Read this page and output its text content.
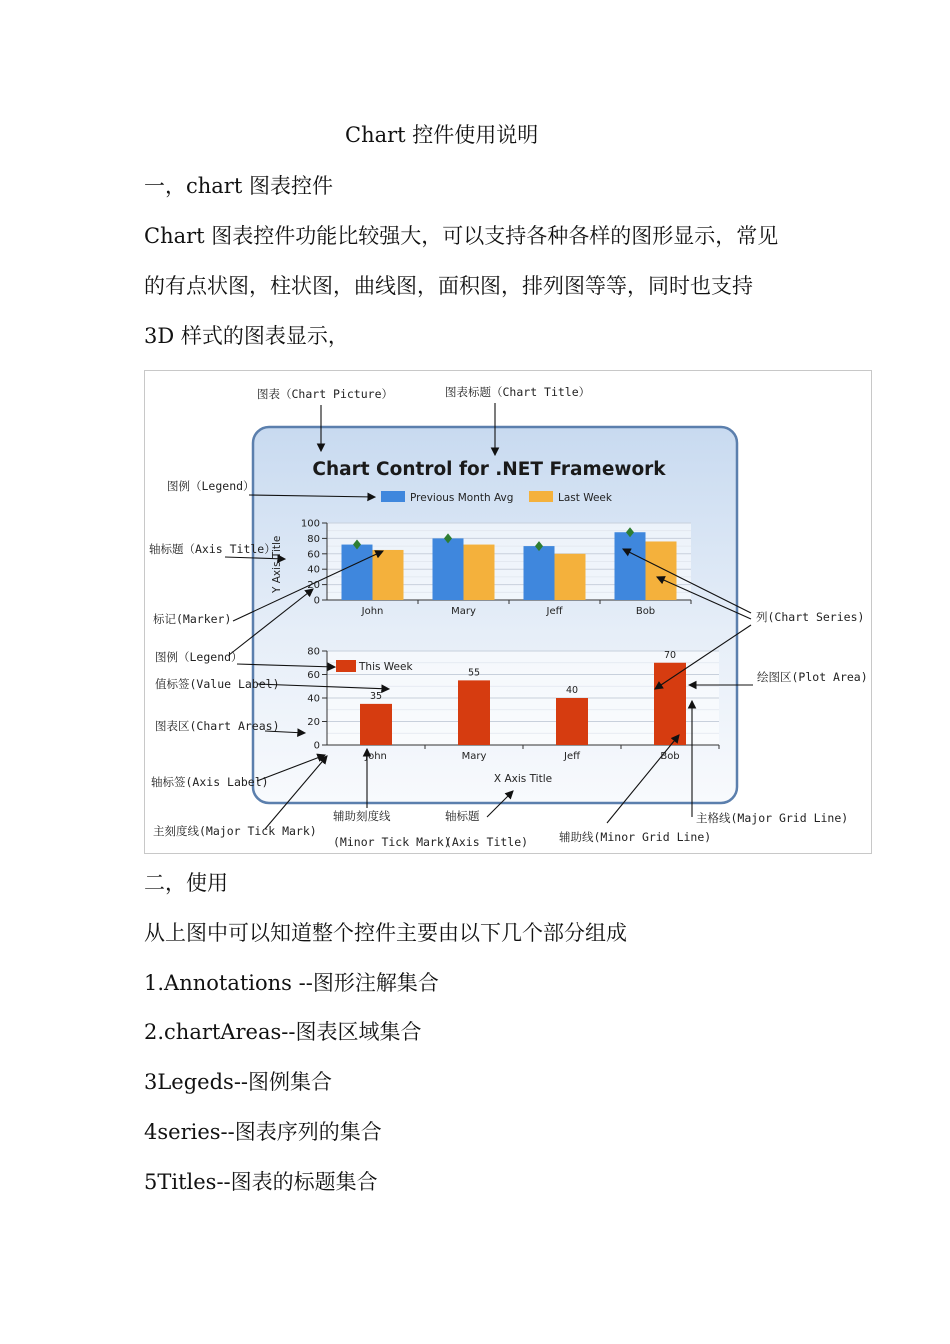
Chart 控件使用说明

一，chart 图表控件

Chart 图表控件功能比较强大，可以支持各种各样的图形显示，常见

的有点状图，柱状图，曲线图，面积图，排列图等等，同时也支持

3D 样式的图表显示，

Chart Control for .NET Framework
Previous Month Avg	Last Week
0
20
40
60
80
100
John	Mary	Jeff	Bob
Y Axis Title
0
20
40
60
80
John
35
Mary
55
Jeff
40
Bob
70
This Week
X Axis Title
图表（Chart Picture）	图表标题（Chart Title）
图例（Legend）
轴标题（Axis Title）
标记(Marker)
图例（Legend）
值标签(Value Label)
图表区(Chart Areas)
轴标签(Axis Label)
主刻度线(Major Tick Mark)
辅助刻度线
(Minor Tick Mark)
轴标题
(Axis Title)	辅助线(Minor Grid Line)
主格线(Major Grid Line)
列(Chart Series)
绘图区(Plot Area)

二，使用

从上图中可以知道整个控件主要由以下几个部分组成

1.Annotations --图形注解集合

2.chartAreas--图表区域集合

3Legeds--图例集合

4series--图表序列的集合

5Titles--图表的标题集合
